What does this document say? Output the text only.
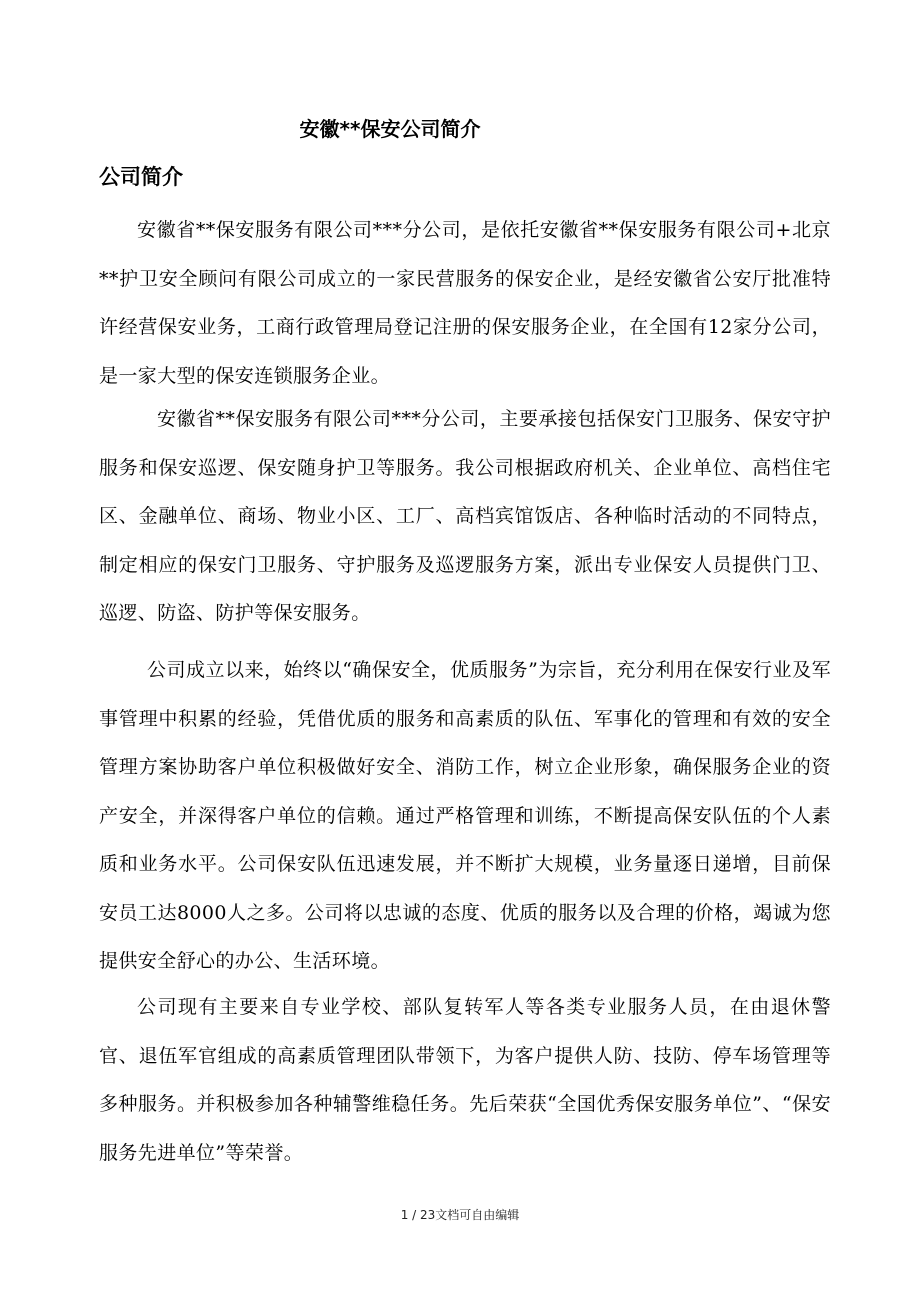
安徽**保安公司简介
公司简介

安徽省**保安服务有限公司***分公司，是依托安徽省**保安服务有限公司+北京**护卫安全顾问有限公司成立的一家民营服务的保安企业，是经安徽省公安厅批准特许经营保安业务，工商行政管理局登记注册的保安服务企业，在全国有12家分公司，是一家大型的保安连锁服务企业。

安徽省**保安服务有限公司***分公司，主要承接包括保安门卫服务、保安守护服务和保安巡逻、保安随身护卫等服务。我公司根据政府机关、企业单位、高档住宅区、金融单位、商场、物业小区、工厂、高档宾馆饭店、各种临时活动的不同特点，制定相应的保安门卫服务、守护服务及巡逻服务方案，派出专业保安人员提供门卫、巡逻、防盗、防护等保安服务。

公司成立以来，始终以“确保安全，优质服务”为宗旨，充分利用在保安行业及军事管理中积累的经验，凭借优质的服务和高素质的队伍、军事化的管理和有效的安全管理方案协助客户单位积极做好安全、消防工作，树立企业形象，确保服务企业的资产安全，并深得客户单位的信赖。通过严格管理和训练，不断提高保安队伍的个人素质和业务水平。公司保安队伍迅速发展，并不断扩大规模，业务量逐日递增，目前保安员工达8000人之多。公司将以忠诚的态度、优质的服务以及合理的价格，竭诚为您提供安全舒心的办公、生活环境。

公司现有主要来自专业学校、部队复转军人等各类专业服务人员，在由退休警官、退伍军官组成的高素质管理团队带领下，为客户提供人防、技防、停车场管理等多种服务。并积极参加各种辅警维稳任务。先后荣获“全国优秀保安服务单位”、“保安服务先进单位”等荣誉。

1 / 23文档可自由编辑
